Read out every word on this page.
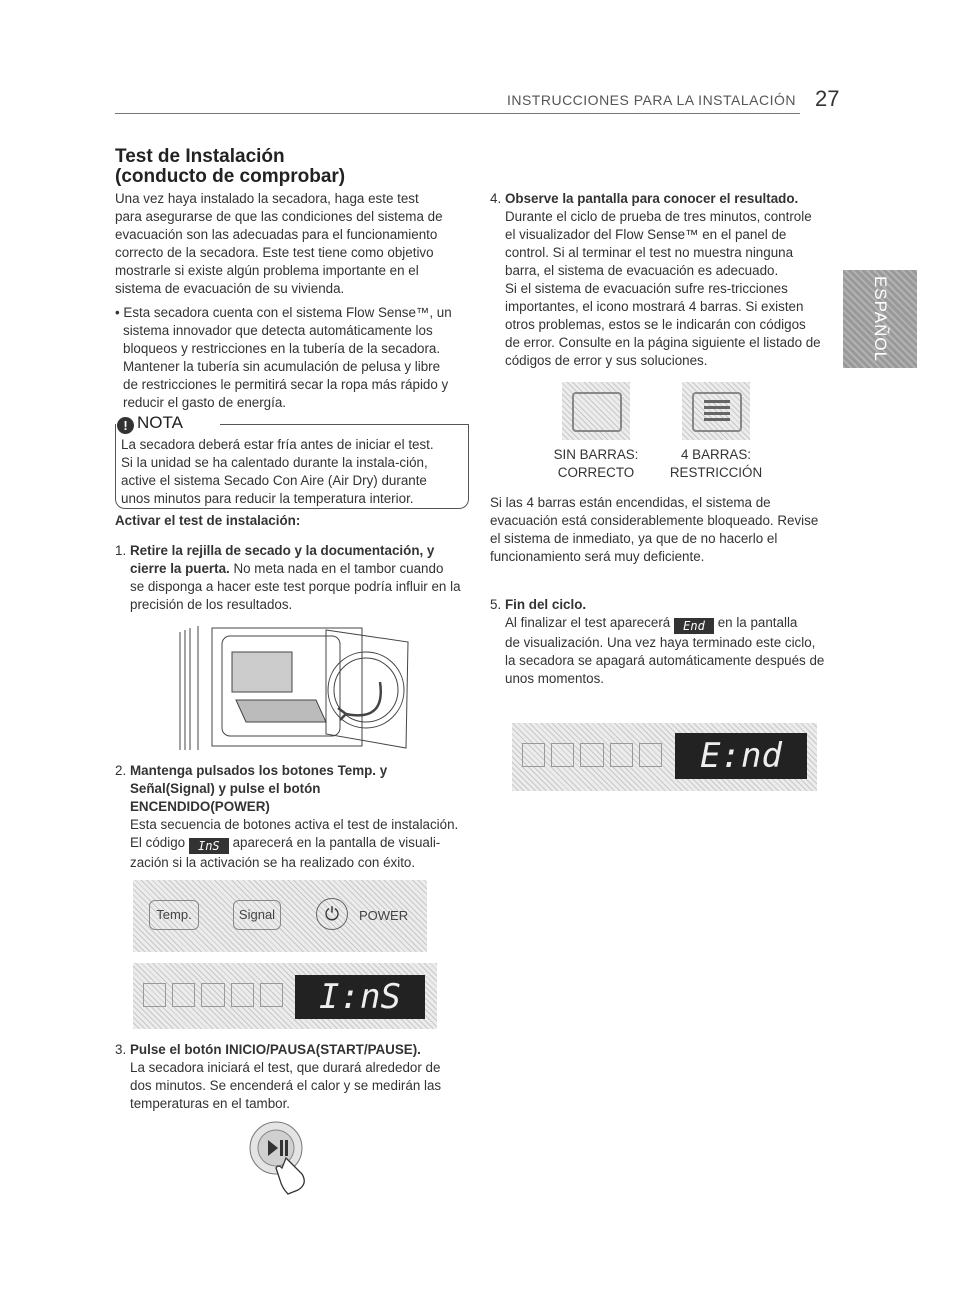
INSTRUCCIONES PARA LA INSTALACIÓN 27
ESPAÑOL
Test de Instalación
(conducto de comprobar)
Una vez haya instalado la secadora, haga este test
para asegurarse de que las condiciones del sistema de
evacuación son las adecuadas para el funcionamiento
correcto de la secadora. Este test tiene como objetivo
mostrarle si existe algún problema importante en el
sistema de evacuación de su vivienda.
• Esta secadora cuenta con el sistema Flow Sense™, un
sistema innovador que detecta automáticamente los
bloqueos y restricciones en la tubería de la secadora.
Mantener la tubería sin acumulación de pelusa y libre
de restricciones le permitirá secar la ropa más rápido y
reducir el gasto de energía.
! NOTA
La secadora deberá estar fría antes de iniciar el test.
Si la unidad se ha calentado durante la instala-ción,
active el sistema Secado Con Aire (Air Dry) durante
unos minutos para reducir la temperatura interior.
Activar el test de instalación:
1. Retire la rejilla de secado y la documentación, y
cierre la puerta. No meta nada en el tambor cuando
se disponga a hacer este test porque podría influir en la
precisión de los resultados.
2. Mantenga pulsados los botones Temp. y
Señal(Signal) y pulse el botón
ENCENDIDO(POWER)
Esta secuencia de botones activa el test de instalación.
El código InS aparecerá en la pantalla de visuali-
zación si la activación se ha realizado con éxito.
Temp.	Signal	⏻	POWER
I:nS
3. Pulse el botón INICIO/PAUSA(START/PAUSE).
La secadora iniciará el test, que durará alrededor de
dos minutos. Se encenderá el calor y se medirán las
temperaturas en el tambor.
4. Observe la pantalla para conocer el resultado.
Durante el ciclo de prueba de tres minutos, controle
el visualizador del Flow Sense™ en el panel de
control. Si al terminar el test no muestra ninguna
barra, el sistema de evacuación es adecuado.
Si el sistema de evacuación sufre res-tricciones
importantes, el icono mostrará 4 barras. Si existen
otros problemas, estos se le indicarán con códigos
de error. Consulte en la página siguiente el listado de
códigos de error y sus soluciones.
SIN BARRAS:
CORRECTO
4 BARRAS:
RESTRICCIÓN
Si las 4 barras están encendidas, el sistema de
evacuación está considerablemente bloqueado. Revise
el sistema de inmediato, ya que de no hacerlo el
funcionamiento será muy deficiente.
5. Fin del ciclo.
Al finalizar el test aparecerá End en la pantalla
de visualización. Una vez haya terminado este ciclo,
la secadora se apagará automáticamente después de
unos momentos.
E:nd
